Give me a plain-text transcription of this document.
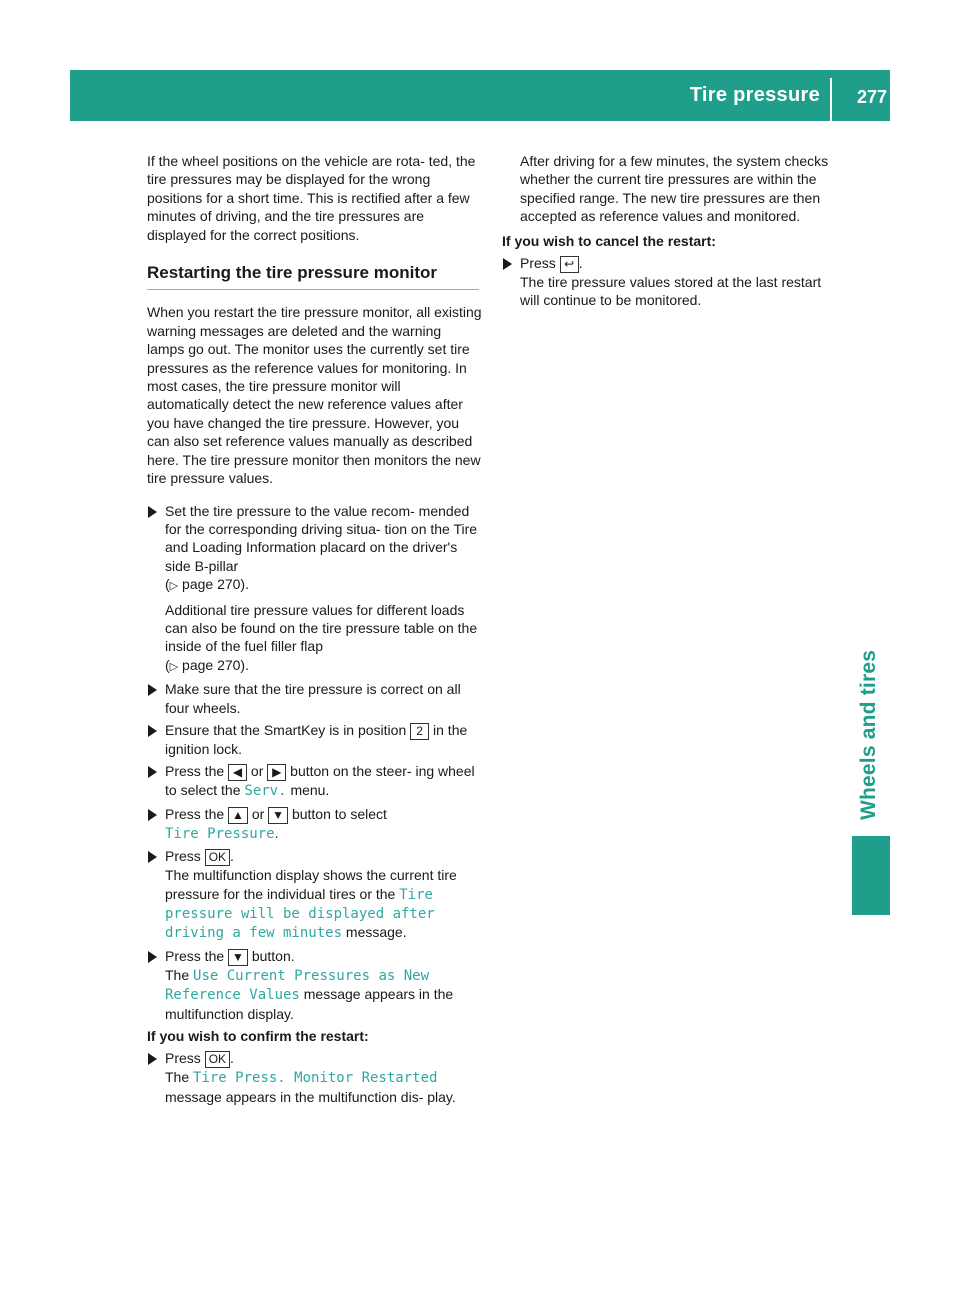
Tire pressure 277
Wheels and tires

If the wheel positions on the vehicle are rota- ted, the tire pressures may be displayed for the wrong positions for a short time. This is rectified after a few minutes of driving, and the tire pressures are displayed for the correct positions.

Restarting the tire pressure monitor

When you restart the tire pressure monitor, all existing warning messages are deleted and the warning lamps go out. The monitor uses the currently set tire pressures as the reference values for monitoring. In most cases, the tire pressure monitor will automatically detect the new reference values after you have changed the tire pressure. However, you can also set reference values manually as described here. The tire pressure monitor then monitors the new tire pressure values.

Set the tire pressure to the value recom- mended for the corresponding driving situa- tion on the Tire and Loading Information placard on the driver's side B-pillar
(▷ page 270).

Additional tire pressure values for different loads can also be found on the tire pressure table on the inside of the fuel filler flap
(▷ page 270).

Make sure that the tire pressure is correct on all four wheels.
Ensure that the SmartKey is in position 2 in the ignition lock.
Press the ◀ or ▶ button on the steer- ing wheel to select the Serv. menu.
Press the ▲ or ▼ button to select
Tire Pressure.
Press OK .
The multifunction display shows the current tire pressure for the individual tires or the Tire pressure will be displayed after driving a few minutes message.
Press the ▼ button.
The Use Current Pressures as New Reference Values message appears in the multifunction display.

If you wish to confirm the restart:

Press OK .
The Tire Press. Monitor Restarted
message appears in the multifunction dis- play.

After driving for a few minutes, the system checks whether the current tire pressures are within the specified range. The new tire pressures are then accepted as reference values and monitored.

If you wish to cancel the restart:

Press ↩ .
The tire pressure values stored at the last restart will continue to be monitored.
